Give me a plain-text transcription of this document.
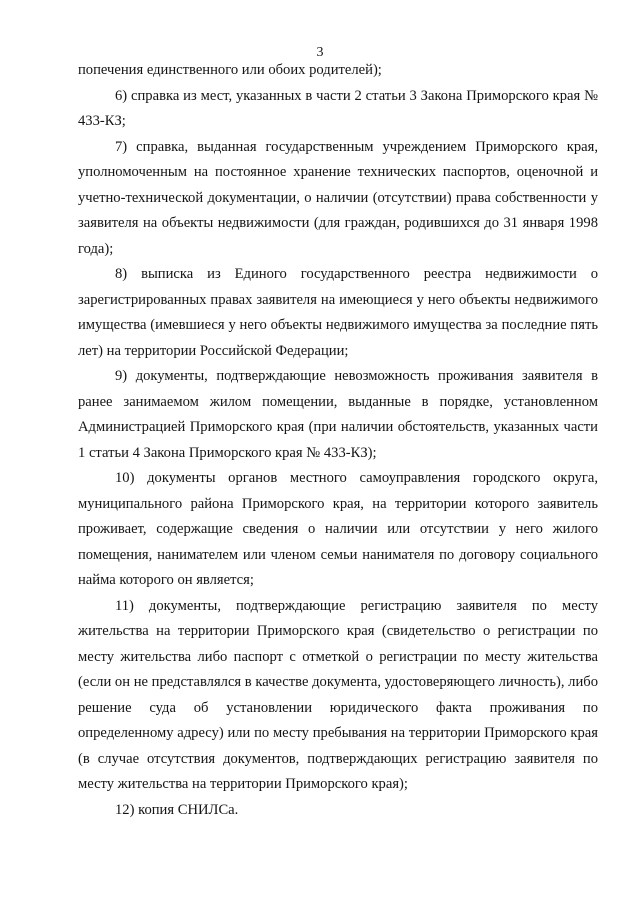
3

попечения единственного или обоих родителей);

6) справка из мест, указанных в части 2 статьи 3 Закона Приморского края № 433-КЗ;

7) справка, выданная государственным учреждением Приморского края, уполномоченным на постоянное хранение технических паспортов, оценочной и учетно-технической документации, о наличии (отсутствии) права собственности у заявителя на объекты недвижимости (для граждан, родившихся до 31 января 1998 года);

8) выписка из Единого государственного реестра недвижимости о зарегистрированных правах заявителя на имеющиеся у него объекты недвижимого имущества (имевшиеся у него объекты недвижимого имущества за последние пять лет) на территории Российской Федерации;

9) документы, подтверждающие невозможность проживания заявителя в ранее занимаемом жилом помещении, выданные в порядке, установленном Администрацией Приморского края (при наличии обстоятельств, указанных части 1 статьи 4 Закона Приморского края № 433-КЗ);

10) документы органов местного самоуправления городского округа, муниципального района Приморского края, на территории которого заявитель проживает, содержащие сведения о наличии или отсутствии у него жилого помещения, нанимателем или членом семьи нанимателя по договору социального найма которого он является;

11) документы, подтверждающие регистрацию заявителя по месту жительства на территории Приморского края (свидетельство о регистрации по месту жительства либо паспорт с отметкой о регистрации по месту жительства (если он не представлялся в качестве документа, удостоверяющего личность), либо решение суда об установлении юридического факта проживания по определенному адресу) или по месту пребывания на территории Приморского края (в случае отсутствия документов, подтверждающих регистрацию заявителя по месту жительства на территории Приморского края);

12) копия СНИЛСа.
